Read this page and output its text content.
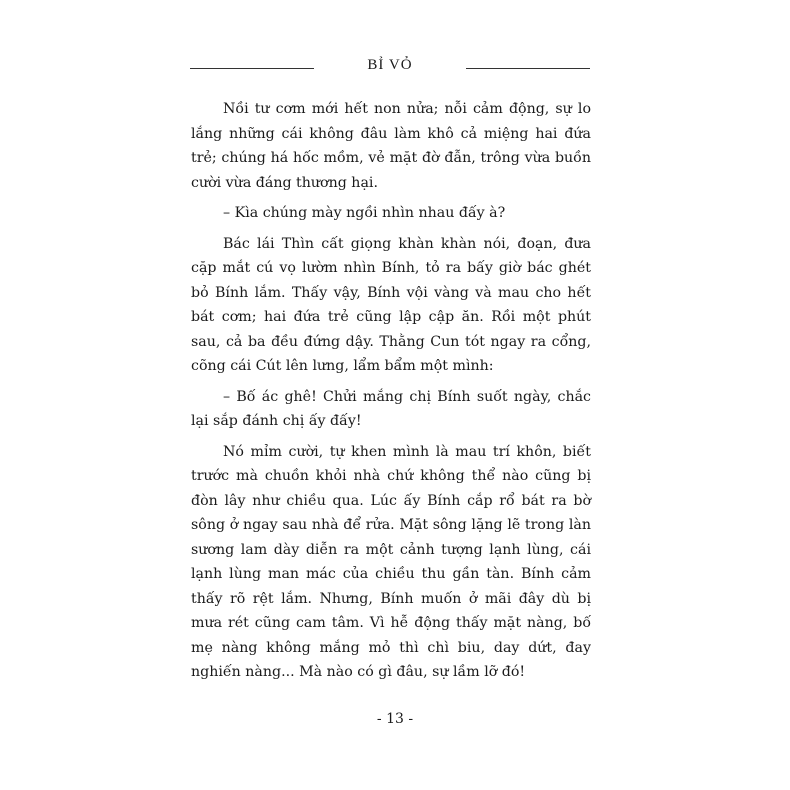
BỈ VỎ

Nồi tư cơm mới hết non nửa; nỗi cảm động, sự lo lắng những cái không đâu làm khô cả miệng hai đứa trẻ; chúng há hốc mồm, vẻ mặt đờ đẫn, trông vừa buồn cười vừa đáng thương hại.

– Kìa chúng mày ngồi nhìn nhau đấy à?

Bác lái Thìn cất giọng khàn khàn nói, đoạn, đưa cặp mắt cú vọ lườm nhìn Bính, tỏ ra bấy giờ bác ghét bỏ Bính lắm. Thấy vậy, Bính vội vàng và mau cho hết bát cơm; hai đứa trẻ cũng lập cập ăn. Rồi một phút sau, cả ba đều đứng dậy. Thằng Cun tót ngay ra cổng, cõng cái Cút lên lưng, lẩm bẩm một mình:

– Bố ác ghê! Chửi mắng chị Bính suốt ngày, chắc lại sắp đánh chị ấy đấy!

Nó mỉm cười, tự khen mình là mau trí khôn, biết trước mà chuồn khỏi nhà chứ không thể nào cũng bị đòn lây như chiều qua. Lúc ấy Bính cắp rổ bát ra bờ sông ở ngay sau nhà để rửa. Mặt sông lặng lẽ trong làn sương lam dày diễn ra một cảnh tượng lạnh lùng, cái lạnh lùng man mác của chiều thu gần tàn. Bính cảm thấy rõ rệt lắm. Nhưng, Bính muốn ở mãi đây dù bị mưa rét cũng cam tâm. Vì hễ động thấy mặt nàng, bố mẹ nàng không mắng mỏ thì chì biu, day dứt, đay nghiến nàng... Mà nào có gì đâu, sự lầm lỡ đó!

- 13 -
